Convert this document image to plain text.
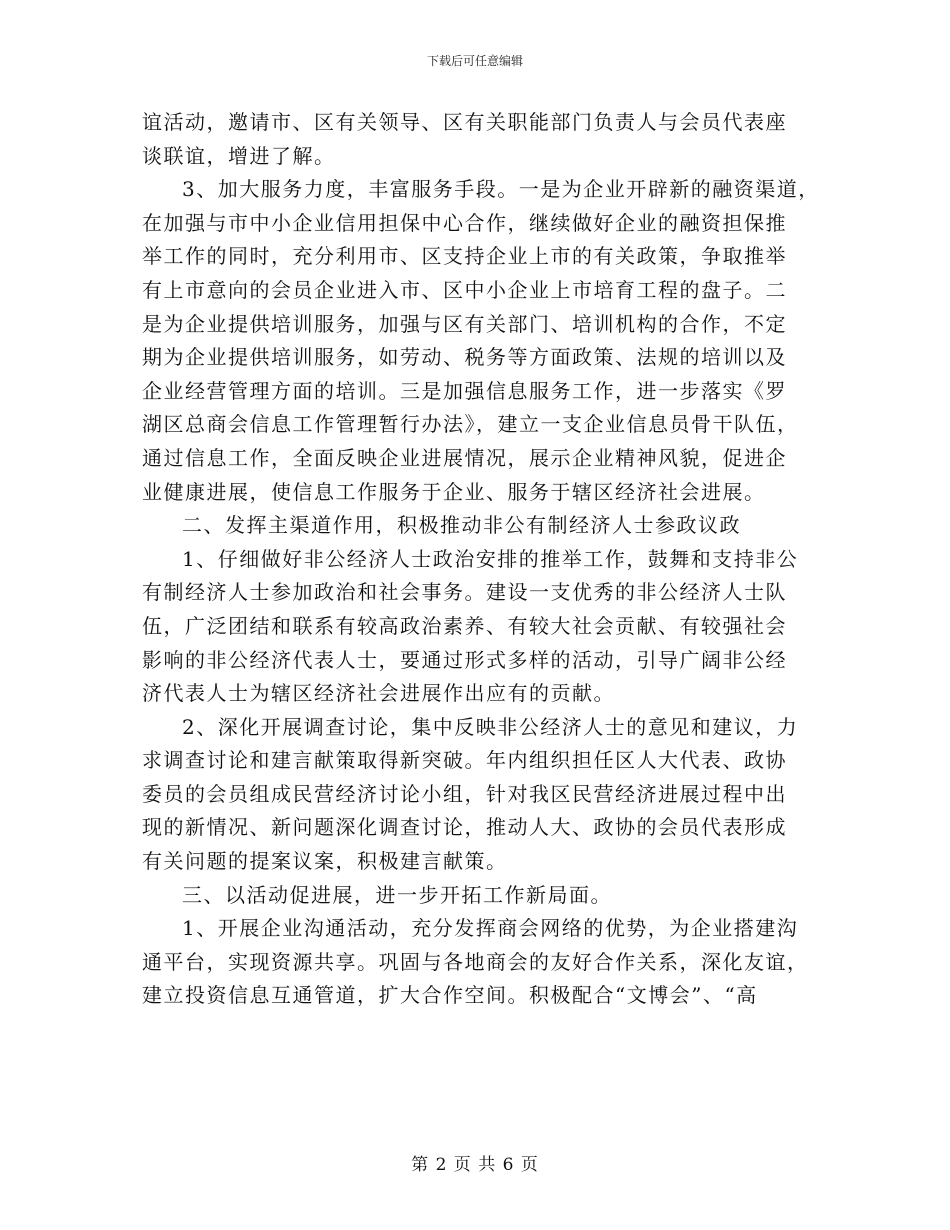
下载后可任意编辑
谊活动，邀请市、区有关领导、区有关职能部门负责人与会员代表座
谈联谊，增进了解。
3、加大服务力度，丰富服务手段。一是为企业开辟新的融资渠道，
在加强与市中小企业信用担保中心合作，继续做好企业的融资担保推
举工作的同时，充分利用市、区支持企业上市的有关政策，争取推举
有上市意向的会员企业进入市、区中小企业上市培育工程的盘子。二
是为企业提供培训服务，加强与区有关部门、培训机构的合作，不定
期为企业提供培训服务，如劳动、税务等方面政策、法规的培训以及
企业经营管理方面的培训。三是加强信息服务工作，进一步落实《罗
湖区总商会信息工作管理暂行办法》，建立一支企业信息员骨干队伍，
通过信息工作，全面反映企业进展情况，展示企业精神风貌，促进企
业健康进展，使信息工作服务于企业、服务于辖区经济社会进展。
二、发挥主渠道作用，积极推动非公有制经济人士参政议政
1、仔细做好非公经济人士政治安排的推举工作，鼓舞和支持非公
有制经济人士参加政治和社会事务。建设一支优秀的非公经济人士队
伍，广泛团结和联系有较高政治素养、有较大社会贡献、有较强社会
影响的非公经济代表人士，要通过形式多样的活动，引导广阔非公经
济代表人士为辖区经济社会进展作出应有的贡献。
2、深化开展调查讨论，集中反映非公经济人士的意见和建议，力
求调查讨论和建言献策取得新突破。年内组织担任区人大代表、政协
委员的会员组成民营经济讨论小组，针对我区民营经济进展过程中出
现的新情况、新问题深化调查讨论，推动人大、政协的会员代表形成
有关问题的提案议案，积极建言献策。
三、以活动促进展，进一步开拓工作新局面。
1、开展企业沟通活动，充分发挥商会网络的优势，为企业搭建沟
通平台，实现资源共享。巩固与各地商会的友好合作关系，深化友谊，
建立投资信息互通管道，扩大合作空间。积极配合“文博会”、“高
第 2 页 共 6 页
